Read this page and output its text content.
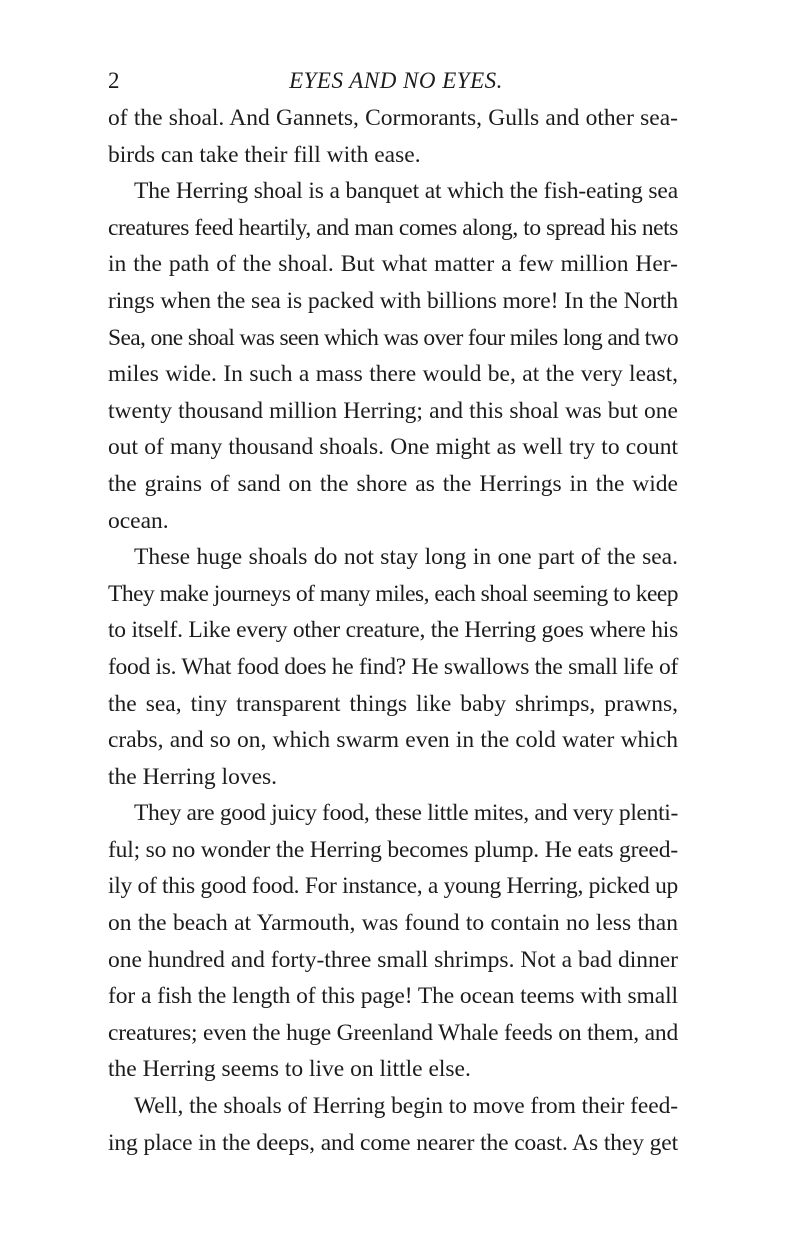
2	EYES AND NO EYES.
of the shoal. And Gannets, Cormorants, Gulls and other sea-
birds can take their fill with ease.
The Herring shoal is a banquet at which the fish-eating sea
creatures feed heartily, and man comes along, to spread his nets
in the path of the shoal. But what matter a few million Her-
rings when the sea is packed with billions more! In the North
Sea, one shoal was seen which was over four miles long and two
miles wide. In such a mass there would be, at the very least,
twenty thousand million Herring; and this shoal was but one
out of many thousand shoals. One might as well try to count
the grains of sand on the shore as the Herrings in the wide
ocean.
These huge shoals do not stay long in one part of the sea.
They make journeys of many miles, each shoal seeming to keep
to itself. Like every other creature, the Herring goes where his
food is. What food does he find? He swallows the small life of
the sea, tiny transparent things like baby shrimps, prawns,
crabs, and so on, which swarm even in the cold water which
the Herring loves.
They are good juicy food, these little mites, and very plenti-
ful; so no wonder the Herring becomes plump. He eats greed-
ily of this good food. For instance, a young Herring, picked up
on the beach at Yarmouth, was found to contain no less than
one hundred and forty-three small shrimps. Not a bad dinner
for a fish the length of this page! The ocean teems with small
creatures; even the huge Greenland Whale feeds on them, and
the Herring seems to live on little else.
Well, the shoals of Herring begin to move from their feed-
ing place in the deeps, and come nearer the coast. As they get
